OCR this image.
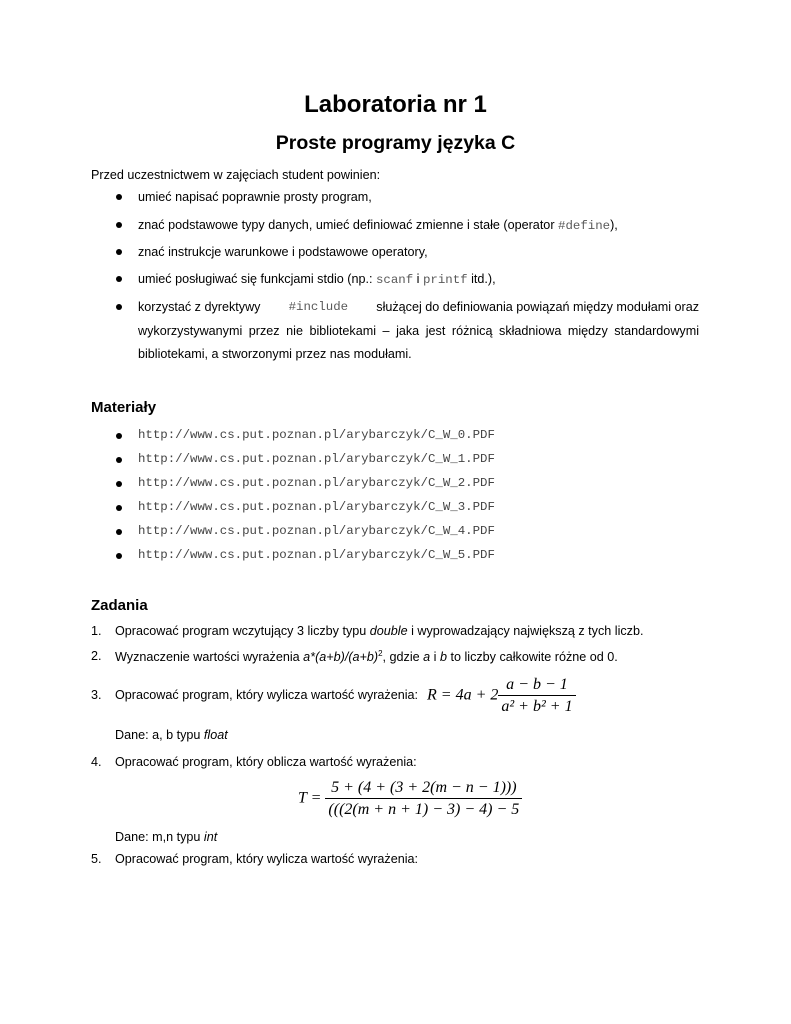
Laboratoria nr 1
Proste programy języka C
Przed uczestnictwem w zajęciach student powinien:
umieć napisać poprawnie prosty program,
znać podstawowe typy danych, umieć definiować zmienne i stałe (operator #define),
znać instrukcje warunkowe i podstawowe operatory,
umieć posługiwać się funkcjami stdio (np.: scanf i printf itd.),
korzystać z dyrektywy #include służącej do definiowania powiązań między modułami oraz
wykorzystywanymi przez nie bibliotekami – jaka jest różnicą składniowa między standardowymi
bibliotekami, a stworzonymi przez nas modułami.
Materiały
http://www.cs.put.poznan.pl/arybarczyk/C_W_0.PDF
http://www.cs.put.poznan.pl/arybarczyk/C_W_1.PDF
http://www.cs.put.poznan.pl/arybarczyk/C_W_2.PDF
http://www.cs.put.poznan.pl/arybarczyk/C_W_3.PDF
http://www.cs.put.poznan.pl/arybarczyk/C_W_4.PDF
http://www.cs.put.poznan.pl/arybarczyk/C_W_5.PDF
Zadania
1. Opracować program wczytujący 3 liczby typu double i wyprowadzający największą z tych liczb.
2. Wyznaczenie wartości wyrażenia $a*(a+b)/(a+b)^2$, gdzie a i b to liczby całkowite różne od 0.
3. Opracować program, który wylicza wartość wyrażenia: $R = 4a + 2 \frac{a - b - 1}{\text{a² + b² + 1}}$
Dane: a, b typu float
4. Opracować program, który oblicza wartość wyrażenia:
$T = \frac{5 + (4 + (3 + 2(m - n - 1)))}{(((2(m + n + 1) - 3) - 4) - 5}$
Dane: m,n typu int
5. Opracować program, który wylicza wartość wyrażenia:
